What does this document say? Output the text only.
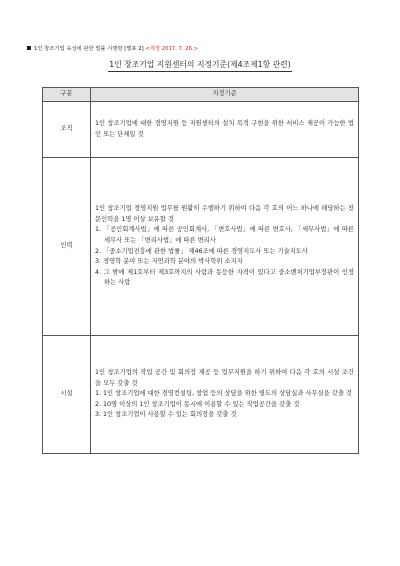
1인 창조기업 육성에 관한 법률 시행령 [별표 2] <개정 2017. 7. 26.>
1인 창조기업 지원센터의 지정기준(제4조제1항 관련)
구분	지정기준
조직	1인 창조기업에 대한 경영지원 등 지원센터의 설치 목적 구현을 위한 서비스 제공이 가능한 법인 또는 단체일 것

인력	1인 창조기업 경영지원 업무를 원활히 수행하기 위하여 다음 각 호의 어느 하나에 해당하는 전문인력을 1명 이상 보유할 것
1. 「공인회계사법」에 따른 공인회계사, 「변호사법」에 따른 변호사, 「세무사법」에 따른 세무사 또는 「변리사법」에 따른 변리사
2. 「중소기업진흥에 관한 법률」 제46조에 따른 경영지도사 또는 기술지도사
3. 경영학 분야 또는 자연과학 분야의 박사학위 소지자
4. 그 밖에 제1호부터 제3호까지의 사람과 동등한 자격이 있다고 중소벤처기업부장관이 인정하는 사람

시설	1인 창조기업의 작업 공간 및 회의장 제공 등 업무지원을 하기 위하여 다음 각 호의 시설 조건을 모두 갖출 것
1. 1인 창조기업에 대한 경영컨설팅, 창업 등의 상담을 위한 별도의 상담실과 사무실을 갖출 것
2. 10명 이상의 1인 창조기업이 동시에 이용할 수 있는 작업공간을 갖출 것
3. 1인 창조기업이 사용할 수 있는 회의장을 갖출 것
